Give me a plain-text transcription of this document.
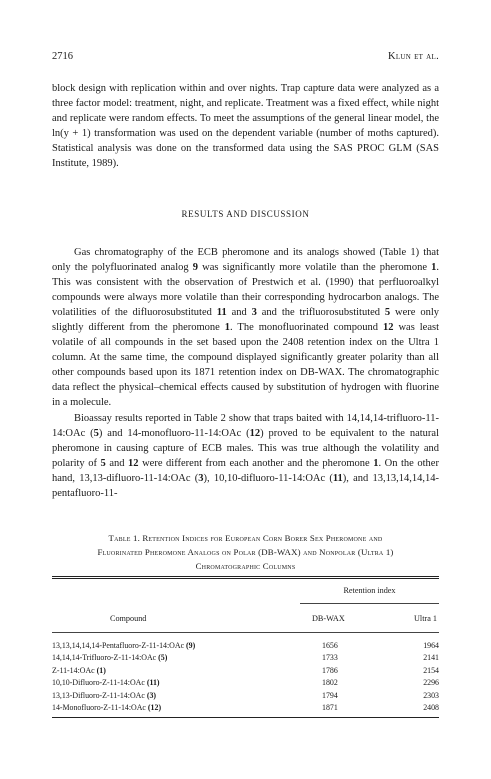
2716	Klun et al.

block design with replication within and over nights. Trap capture data were analyzed as a three factor model: treatment, night, and replicate. Treatment was a fixed effect, while night and replicate were random effects. To meet the assumptions of the general linear model, the ln(y + 1) transformation was used on the dependent variable (number of moths captured). Statistical analysis was done on the transformed data using the SAS PROC GLM (SAS Institute, 1989).

RESULTS AND DISCUSSION

Gas chromatography of the ECB pheromone and its analogs showed (Table 1) that only the polyfluorinated analog 9 was significantly more volatile than the pheromone 1. This was consistent with the observation of Prestwich et al. (1990) that perfluoroalkyl compounds were always more volatile than their corresponding hydrocarbon analogs. The volatilities of the difluorosubstituted 11 and 3 and the trifluorosubstituted 5 were only slightly different from the pheromone 1. The monofluorinated compound 12 was least volatile of all compounds in the set based upon the 2408 retention index on the Ultra 1 column. At the same time, the compound displayed significantly greater polarity than all other compounds based upon its 1871 retention index on DB-WAX. The chromatographic data reflect the physical–chemical effects caused by substitution of hydrogen with fluorine in a molecule.

Bioassay results reported in Table 2 show that traps baited with 14,14,14-trifluoro-11-14:OAc (5) and 14-monofluoro-11-14:OAc (12) proved to be equivalent to the natural pheromone in causing capture of ECB males. This was true although the volatility and polarity of 5 and 12 were different from each another and the pheromone 1. On the other hand, 13,13-difluoro-11-14:OAc (3), 10,10-difluoro-11-14:OAc (11), and 13,13,14,14,14-pentafluoro-11-

Table 1. Retention Indices for European Corn Borer Sex Pheromone and
Fluorinated Pheromone Analogs on Polar (DB-WAX) and Nonpolar (Ultra 1)
Chromatographic Columns
Retention index
Compound	DB-WAX	Ultra 1
13,13,14,14,14-Pentafluoro-Z-11-14:OAc (9)	1656	1964
14,14,14-Trifluoro-Z-11-14:OAc (5)	1733	2141
Z-11-14:OAc (1)	1786	2154
10,10-Difluoro-Z-11-14:OAc (11)	1802	2296
13,13-Difluoro-Z-11-14:OAc (3)	1794	2303
14-Monofluoro-Z-11-14:OAc (12)	1871	2408
